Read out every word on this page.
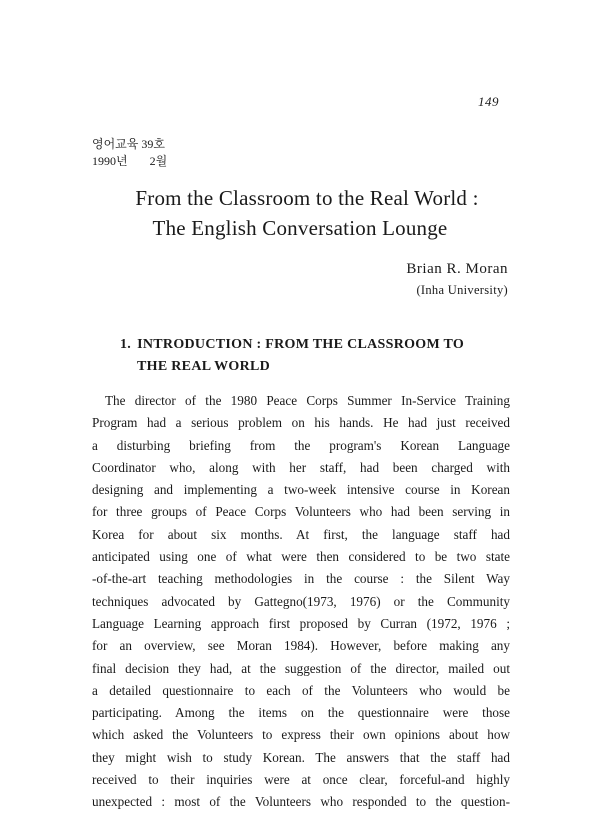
149
영어교육 39호
1990년 2월
From the Classroom to the Real World :
The English Conversation Lounge
Brian R. Moran
(Inha University)
1. INTRODUCTION : FROM THE CLASSROOM TO
THE REAL WORLD
The director of the 1980 Peace Corps Summer In-Service Training
Program had a serious problem on his hands. He had just received
a disturbing briefing from the program's Korean Language
Coordinator who, along with her staff, had been charged with
designing and implementing a two-week intensive course in Korean
for three groups of Peace Corps Volunteers who had been serving in
Korea for about six months. At first, the language staff had
anticipated using one of what were then considered to be two state
-of-the-art teaching methodologies in the course : the Silent Way
techniques advocated by Gattegno(1973, 1976) or the Community
Language Learning approach first proposed by Curran (1972, 1976 ;
for an overview, see Moran 1984). However, before making any
final decision they had, at the suggestion of the director, mailed out
a detailed questionnaire to each of the Volunteers who would be
participating. Among the items on the questionnaire were those
which asked the Volunteers to express their own opinions about how
they might wish to study Korean. The answers that the staff had
received to their inquiries were at once clear, forceful-and highly
unexpected : most of the Volunteers who responded to the question-
